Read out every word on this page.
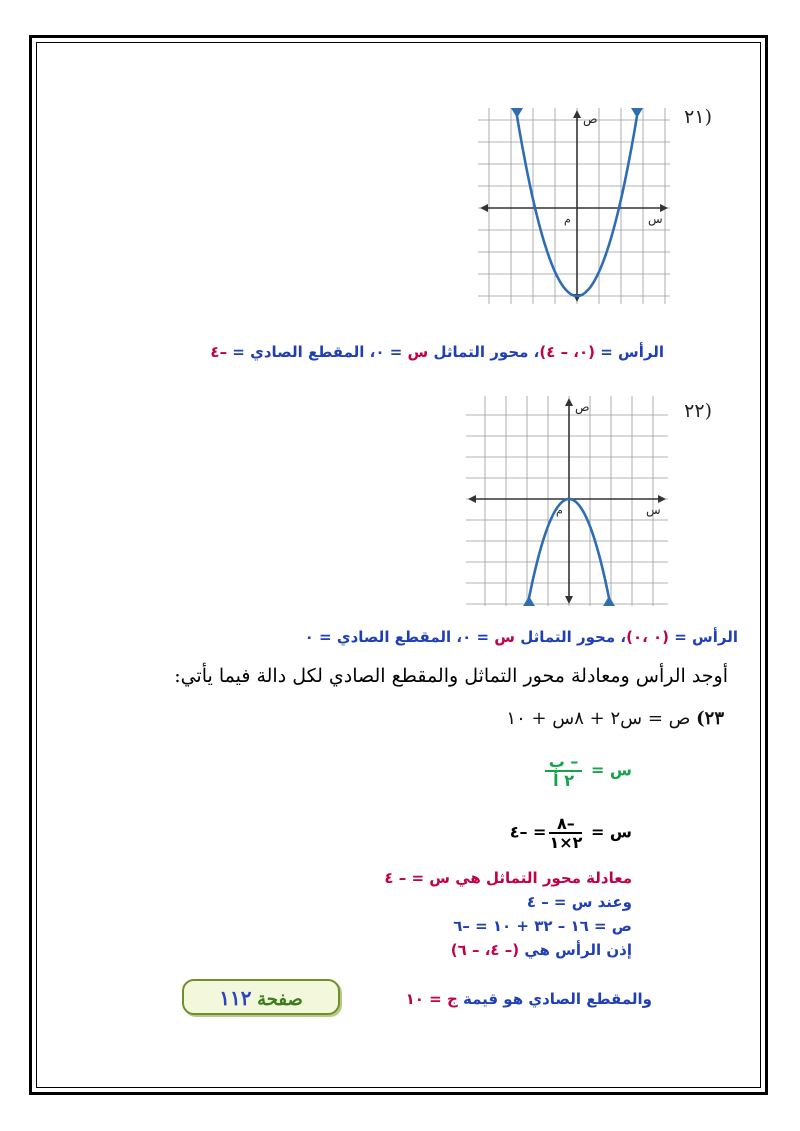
(٢١
ص
س
م
الرأس = (٠، – ٤)، محور التماثل س = ٠، المقطع الصادي = –٤
(٢٢
ص
س
م
الرأس = (٠ ،٠)، محور التماثل س = ٠، المقطع الصادي = ٠
أوجد الرأس ومعادلة محور التماثل والمقطع الصادي لكل دالة فيما يأتي:
٢٣) ص = س٢ + ٨س + ١٠
س =
$\frac{\text{– ب}}{\text{٢ أ}}$
س =
$\frac{-٨}{٢\times ١}$
= –٤
معادلة محور التماثل هي س = – ٤
وعند س = – ٤
ص = ١٦ – ٣٢ + ١٠ = –٦
إذن الرأس هي (– ٤، – ٦)
والمقطع الصادي هو قيمة ج = ١٠
صفحة ١١٢
